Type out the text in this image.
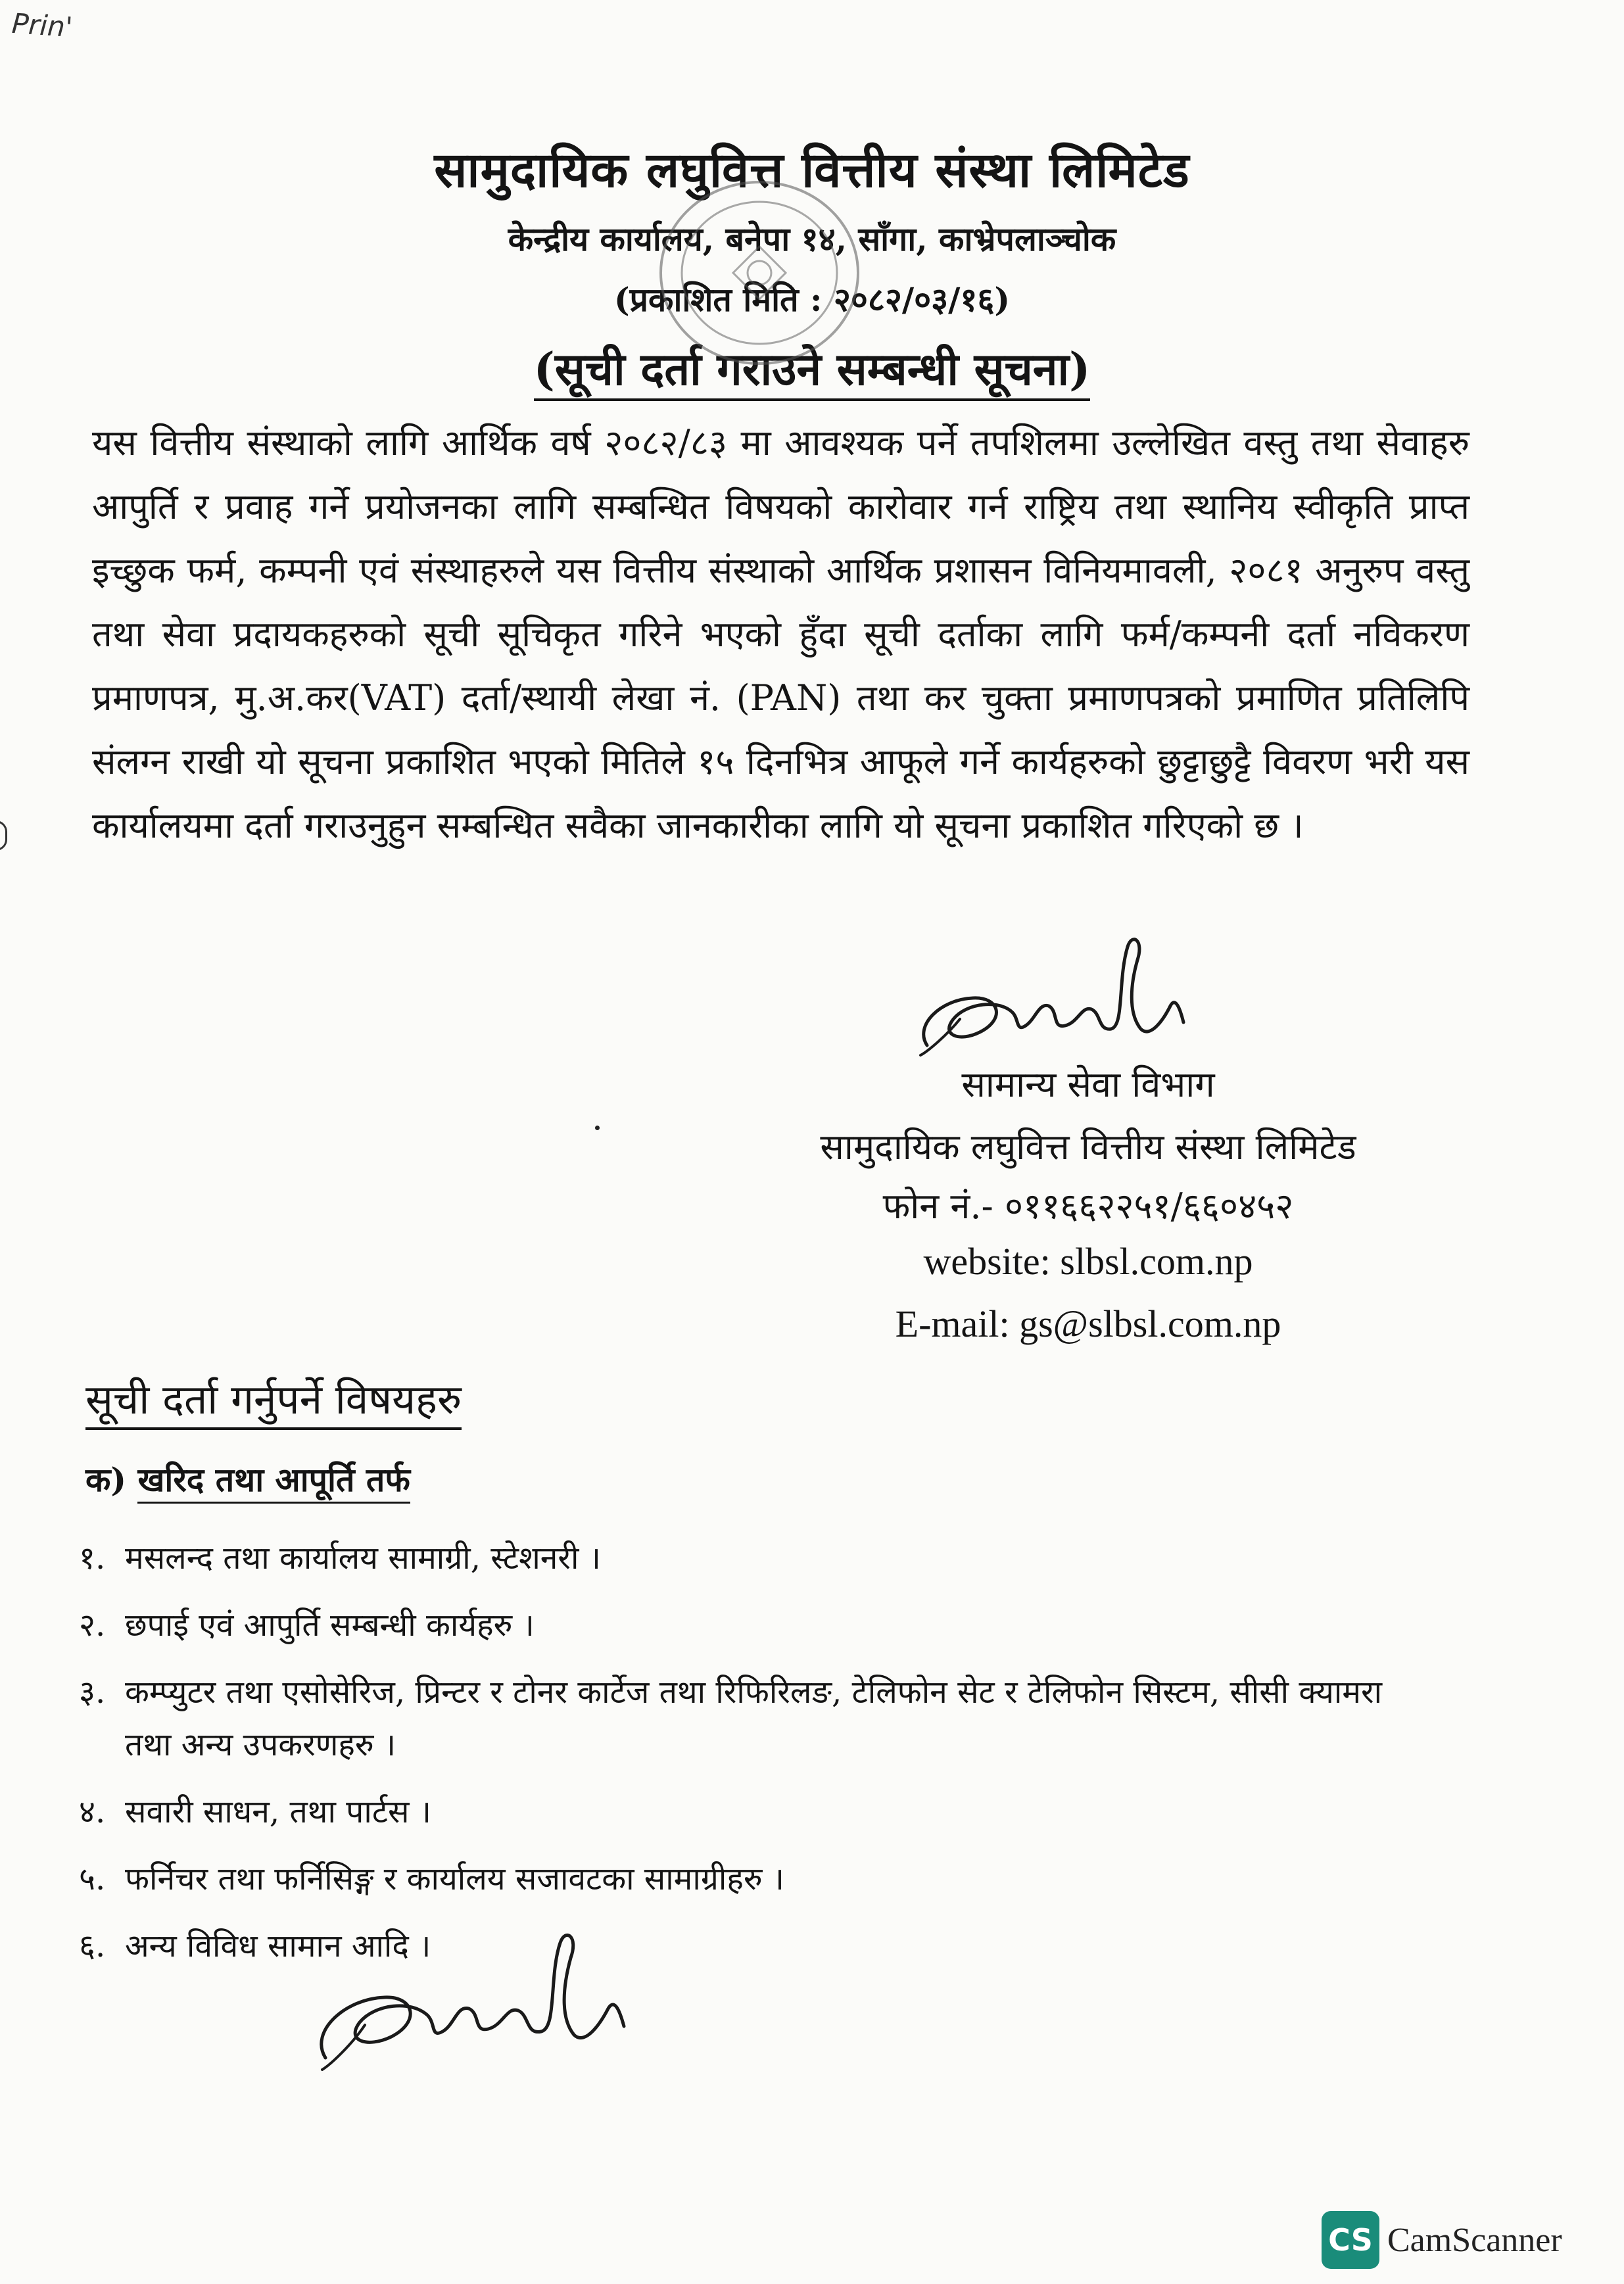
Prin'
सामुदायिक लघुवित्त वित्तीय संस्था लिमिटेड
केन्द्रीय कार्यालय, बनेपा १४, साँगा, काभ्रेपलाञ्चोक
(प्रकाशित मिति : २०८२/०३/१६)
(सूची दर्ता गराउने सम्बन्धी सूचना)
यस वित्तीय संस्थाको लागि आर्थिक वर्ष २०८२/८३ मा आवश्यक पर्ने तपशिलमा उल्लेखित वस्तु तथा सेवाहरु आपुर्ति र प्रवाह गर्ने प्रयोजनका लागि सम्बन्धित विषयको कारोवार गर्न राष्ट्रिय तथा स्थानिय स्वीकृति प्राप्त इच्छुक फर्म, कम्पनी एवं संस्थाहरुले यस वित्तीय संस्थाको आर्थिक प्रशासन विनियमावली, २०८१ अनुरुप वस्तु तथा सेवा प्रदायकहरुको सूची सूचिकृत गरिने भएको हुँदा सूची दर्ताका लागि फर्म/कम्पनी दर्ता नविकरण प्रमाणपत्र, मु.अ.कर(VAT) दर्ता/स्थायी लेखा नं. (PAN) तथा कर चुक्ता प्रमाणपत्रको प्रमाणित प्रतिलिपि संलग्न राखी यो सूचना प्रकाशित भएको मितिले १५ दिनभित्र आफूले गर्ने कार्यहरुको छुट्टाछुट्टै विवरण भरी यस कार्यालयमा दर्ता गराउनुहुन सम्बन्धित सवैका जानकारीका लागि यो सूचना प्रकाशित गरिएको छ ।
सामान्य सेवा विभाग
सामुदायिक लघुवित्त वित्तीय संस्था लिमिटेड
फोन नं.- ०११६६२२५१/६६०४५२
website: slbsl.com.np
E-mail: gs@slbsl.com.np
सूची दर्ता गर्नुपर्ने विषयहरु
क) खरिद तथा आपूर्ति तर्फ
१. मसलन्द तथा कार्यालय सामाग्री, स्टेशनरी ।
२. छपाई एवं आपुर्ति सम्बन्धी कार्यहरु ।
३. कम्प्युटर तथा एसोसेरिज, प्रिन्टर र टोनर कार्टेज तथा रिफिरिलङ, टेलिफोन सेट र टेलिफोन सिस्टम, सीसी क्यामरा तथा अन्य उपकरणहरु ।
४. सवारी साधन, तथा पार्टस ।
५. फर्निचर तथा फर्निसिङ्ग र कार्यालय सजावटका सामाग्रीहरु ।
६. अन्य विविध सामान आदि ।
CS CamScanner
